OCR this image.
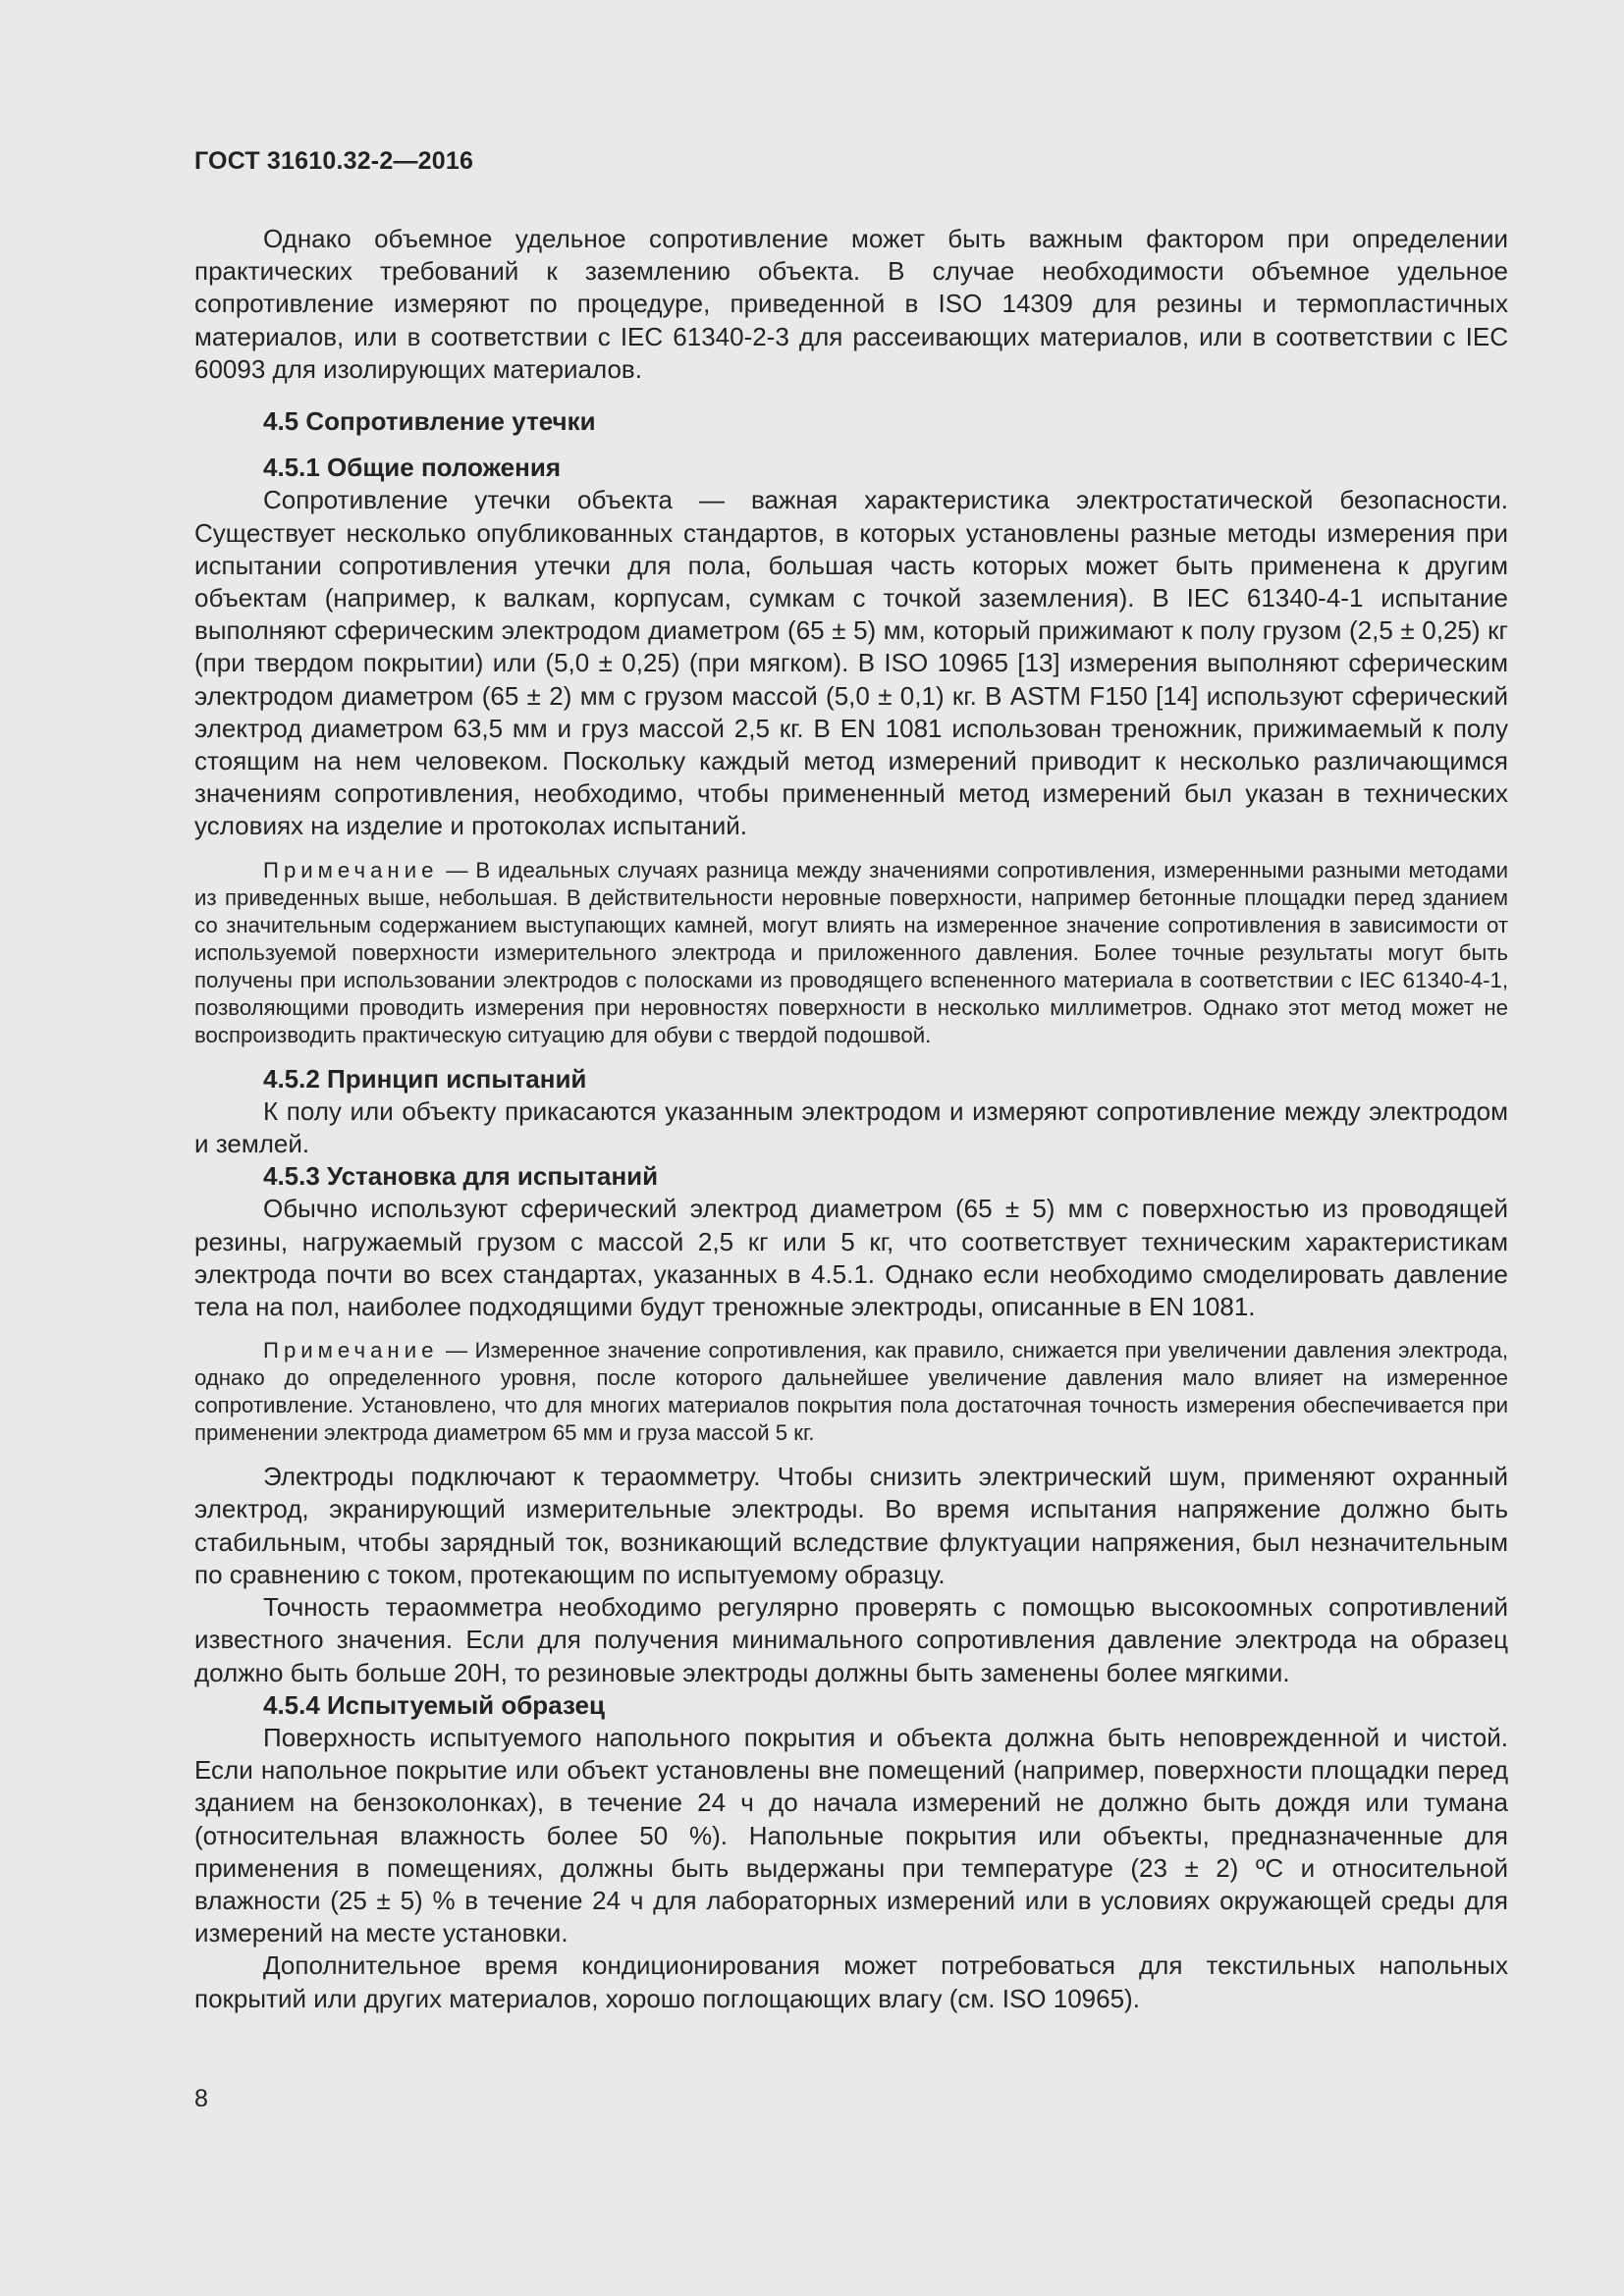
ГОСТ 31610.32-2—2016

Однако объемное удельное сопротивление может быть важным фактором при определении практических требований к заземлению объекта. В случае необходимости объемное удельное сопротивление измеряют по процедуре, приведенной в ISO 14309 для резины и термопластичных материалов, или в соответствии с IEC 61340-2-3 для рассеивающих материалов, или в соответствии с IEC 60093 для изолирующих материалов.

4.5 Сопротивление утечки
4.5.1 Общие положения

Сопротивление утечки объекта — важная характеристика электростатической безопасности. Существует несколько опубликованных стандартов, в которых установлены разные методы измерения при испытании сопротивления утечки для пола, большая часть которых может быть применена к другим объектам (например, к валкам, корпусам, сумкам с точкой заземления). В IEC 61340-4-1 испытание выполняют сферическим электродом диаметром (65 ± 5) мм, который прижимают к полу грузом (2,5 ± 0,25) кг (при твердом покрытии) или (5,0 ± 0,25) (при мягком). В ISO 10965 [13] измерения выполняют сферическим электродом диаметром (65 ± 2) мм с грузом массой (5,0 ± 0,1) кг. В ASTM F150 [14] используют сферический электрод диаметром 63,5 мм и груз массой 2,5 кг. В EN 1081 использован треножник, прижимаемый к полу стоящим на нем человеком. Поскольку каждый метод измерений приводит к несколько различающимся значениям сопротивления, необходимо, чтобы примененный метод измерений был указан в технических условиях на изделие и протоколах испытаний.

Примечание — В идеальных случаях разница между значениями сопротивления, измеренными разными методами из приведенных выше, небольшая. В действительности неровные поверхности, например бетонные площадки перед зданием со значительным содержанием выступающих камней, могут влиять на измеренное значение сопротивления в зависимости от используемой поверхности измерительного электрода и приложенного давления. Более точные результаты могут быть получены при использовании электродов с полосками из проводящего вспененного материала в соответствии с IEC 61340-4-1, позволяющими проводить измерения при неровностях поверхности в несколько миллиметров. Однако этот метод может не воспроизводить практическую ситуацию для обуви с твердой подошвой.

4.5.2 Принцип испытаний

К полу или объекту прикасаются указанным электродом и измеряют сопротивление между электродом и землей.

4.5.3 Установка для испытаний

Обычно используют сферический электрод диаметром (65 ± 5) мм с поверхностью из проводящей резины, нагружаемый грузом с массой 2,5 кг или 5 кг, что соответствует техническим характеристикам электрода почти во всех стандартах, указанных в 4.5.1. Однако если необходимо смоделировать давление тела на пол, наиболее подходящими будут треножные электроды, описанные в EN 1081.

Примечание — Измеренное значение сопротивления, как правило, снижается при увеличении давления электрода, однако до определенного уровня, после которого дальнейшее увеличение давления мало влияет на измеренное сопротивление. Установлено, что для многих материалов покрытия пола достаточная точность измерения обеспечивается при применении электрода диаметром 65 мм и груза массой 5 кг.

Электроды подключают к тераомметру. Чтобы снизить электрический шум, применяют охранный электрод, экранирующий измерительные электроды. Во время испытания напряжение должно быть стабильным, чтобы зарядный ток, возникающий вследствие флуктуации напряжения, был незначительным по сравнению с током, протекающим по испытуемому образцу.

Точность тераомметра необходимо регулярно проверять с помощью высокоомных сопротивлений известного значения. Если для получения минимального сопротивления давление электрода на образец должно быть больше 20Н, то резиновые электроды должны быть заменены более мягкими.

4.5.4 Испытуемый образец

Поверхность испытуемого напольного покрытия и объекта должна быть неповрежденной и чистой. Если напольное покрытие или объект установлены вне помещений (например, поверхности площадки перед зданием на бензоколонках), в течение 24 ч до начала измерений не должно быть дождя или тумана (относительная влажность более 50 %). Напольные покрытия или объекты, предназначенные для применения в помещениях, должны быть выдержаны при температуре (23 ± 2) ºС и относительной влажности (25 ± 5) % в течение 24 ч для лабораторных измерений или в условиях окружающей среды для измерений на месте установки.

Дополнительное время кондиционирования может потребоваться для текстильных напольных покрытий или других материалов, хорошо поглощающих влагу (см. ISO 10965).

8
